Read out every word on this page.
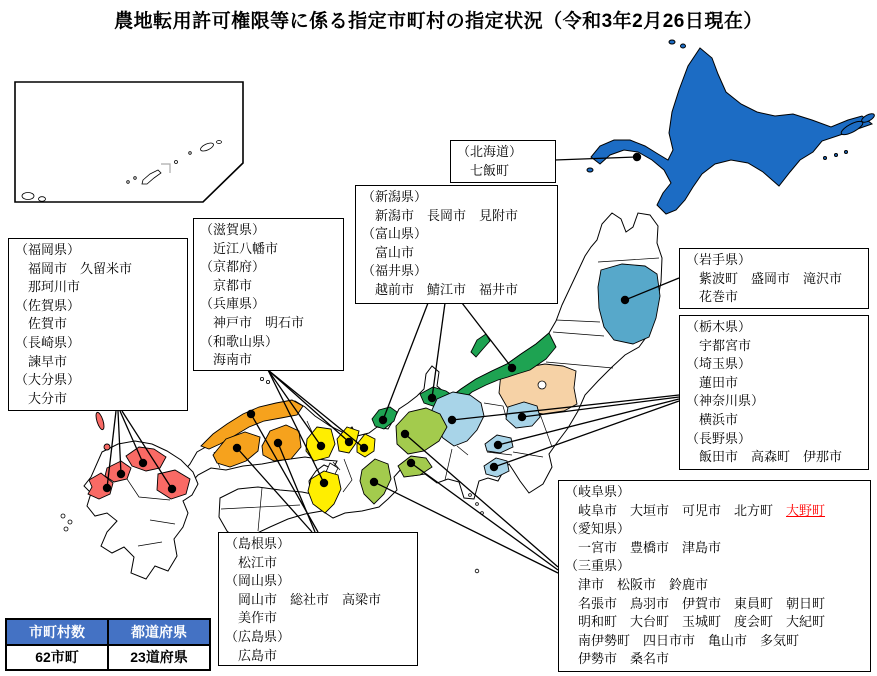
農地転用許可権限等に係る指定市町村の指定状況（令和3年2月26日現在）
（北海道）
　七飯町
（新潟県）
　新潟市　長岡市　見附市
（富山県）
　富山市
（福井県）
　越前市　鯖江市　福井市
（岩手県）
　紫波町　盛岡市　滝沢市
　花巻市
（栃木県）
　宇都宮市
（埼玉県）
　蓮田市
（神奈川県）
　横浜市
（長野県）
　飯田市　高森町　伊那市
（滋賀県）
　近江八幡市
（京都府）
　京都市
（兵庫県）
　神戸市　明石市
（和歌山県）
　海南市
（福岡県）
　福岡市　久留米市
　那珂川市
（佐賀県）
　佐賀市
（長崎県）
　諫早市
（大分県）
　大分市
（岐阜県）
　岐阜市　大垣市　可児市　北方町　大野町
（愛知県）
　一宮市　豊橋市　津島市
（三重県）
　津市　松阪市　鈴鹿市
　名張市　鳥羽市　伊賀市　東員町　朝日町
　明和町　大台町　玉城町　度会町　大紀町
　南伊勢町　四日市市　亀山市　多気町
　伊勢市　桑名市
（島根県）
　松江市
（岡山県）
　岡山市　総社市　高梁市
　美作市
（広島県）
　広島市
市町村数	都道府県
62市町	23道府県
